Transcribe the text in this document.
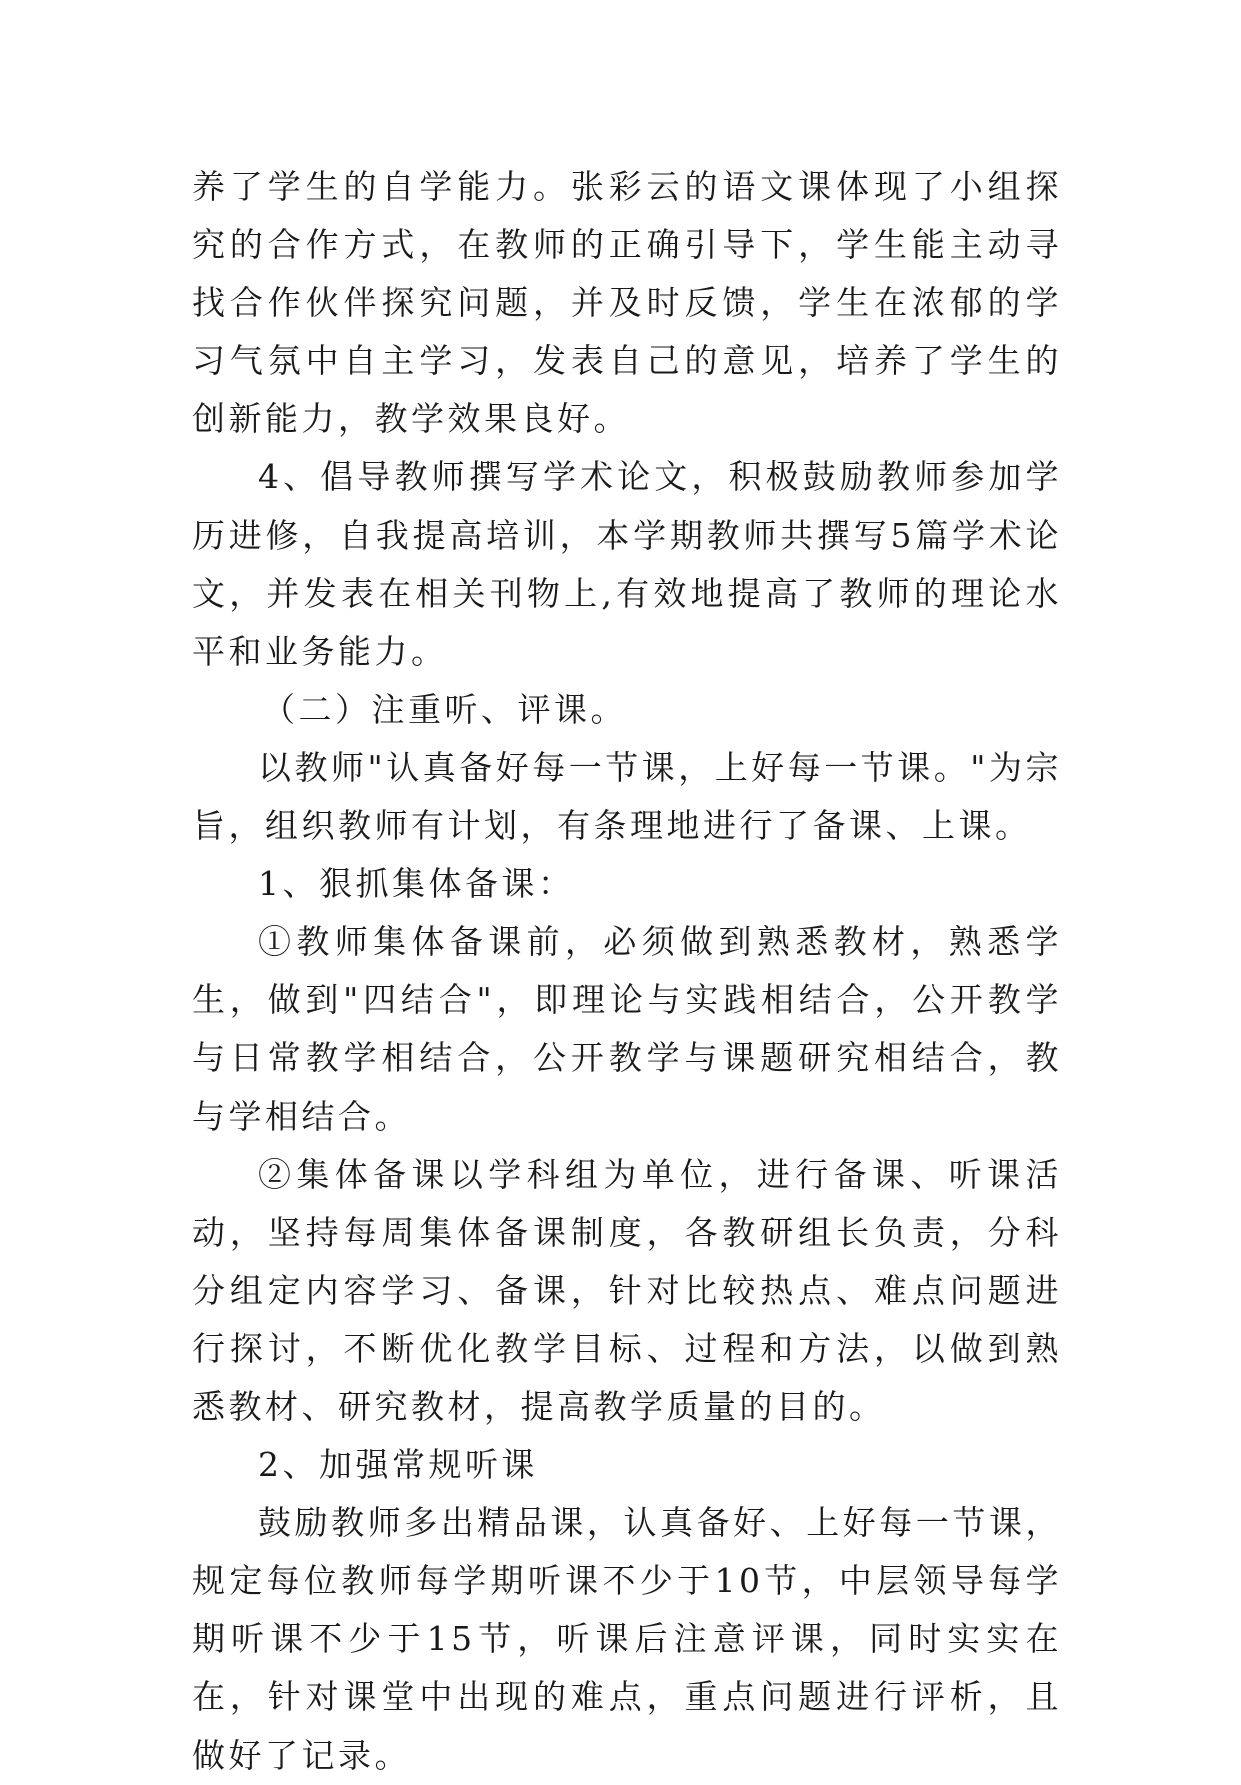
养了学生的自学能力。张彩云的语文课体现了小组探究的合作方式，在教师的正确引导下，学生能主动寻找合作伙伴探究问题，并及时反馈，学生在浓郁的学习气氛中自主学习，发表自己的意见，培养了学生的创新能力，教学效果良好。

4、倡导教师撰写学术论文，积极鼓励教师参加学历进修，自我提高培训，本学期教师共撰写5篇学术论文，并发表在相关刊物上,有效地提高了教师的理论水平和业务能力。

（二）注重听、评课。

以教师"认真备好每一节课，上好每一节课。"为宗旨，组织教师有计划，有条理地进行了备课、上课。

1、狠抓集体备课：

①教师集体备课前，必须做到熟悉教材，熟悉学生，做到"四结合"，即理论与实践相结合，公开教学与日常教学相结合，公开教学与课题研究相结合，教与学相结合。

②集体备课以学科组为单位，进行备课、听课活动，坚持每周集体备课制度，各教研组长负责，分科分组定内容学习、备课，针对比较热点、难点问题进行探讨，不断优化教学目标、过程和方法，以做到熟悉教材、研究教材，提高教学质量的目的。

2、加强常规听课

鼓励教师多出精品课，认真备好、上好每一节课，规定每位教师每学期听课不少于10节，中层领导每学期听课不少于15节，听课后注意评课，同时实实在在，针对课堂中出现的难点，重点问题进行评析，且做好了记录。
